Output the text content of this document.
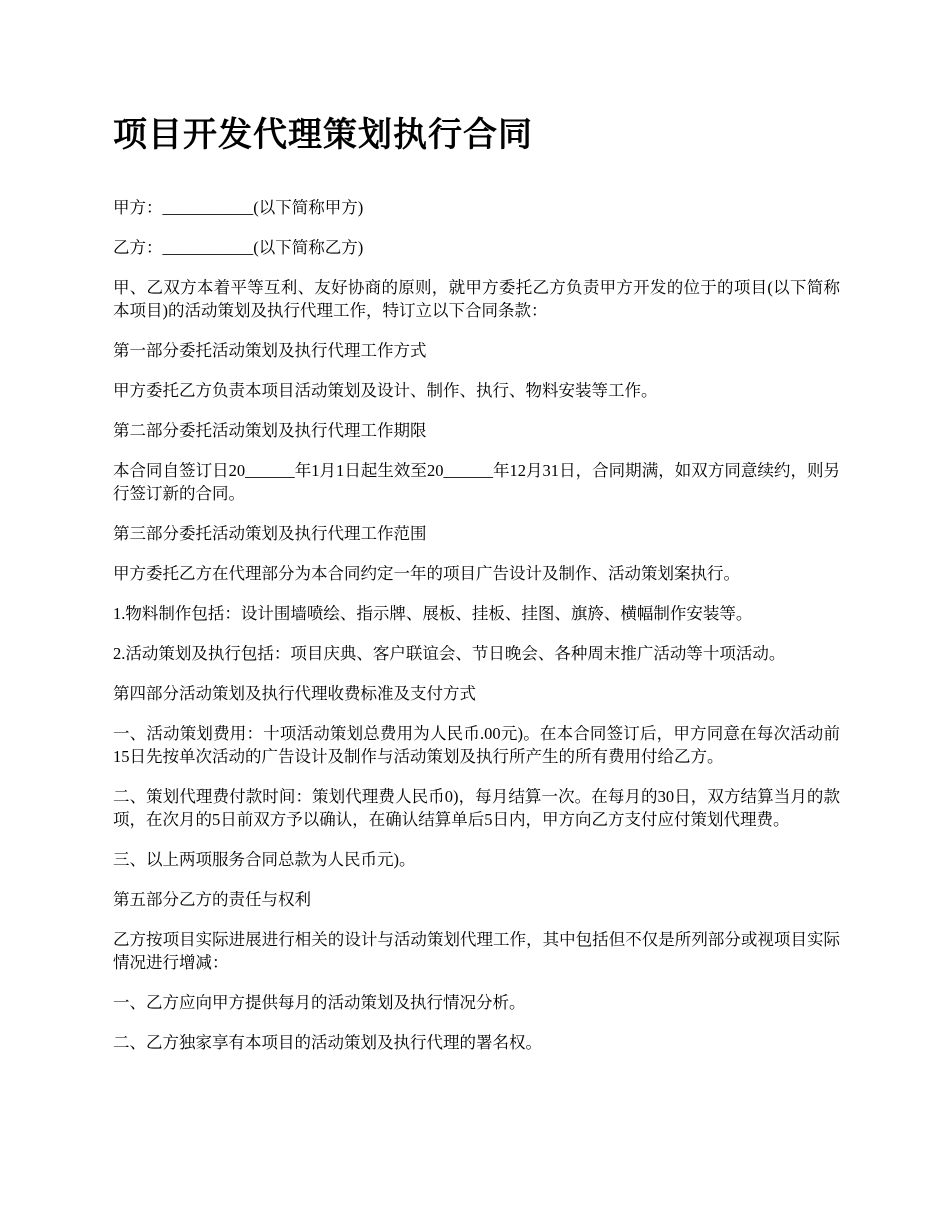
项目开发代理策划执行合同

甲方：___________(以下简称甲方)

乙方：___________(以下简称乙方)

甲、乙双方本着平等互利、友好协商的原则，就甲方委托乙方负责甲方开发的位于的项目(以下简称本项目)的活动策划及执行代理工作，特订立以下合同条款：

第一部分委托活动策划及执行代理工作方式

甲方委托乙方负责本项目活动策划及设计、制作、执行、物料安装等工作。

第二部分委托活动策划及执行代理工作期限

本合同自签订日20______年1月1日起生效至20______年12月31日，合同期满，如双方同意续约，则另行签订新的合同。

第三部分委托活动策划及执行代理工作范围

甲方委托乙方在代理部分为本合同约定一年的项目广告设计及制作、活动策划案执行。

1.物料制作包括：设计围墙喷绘、指示牌、展板、挂板、挂图、旗旍、横幅制作安装等。

2.活动策划及执行包括：项目庆典、客户联谊会、节日晚会、各种周末推广活动等十项活动。

第四部分活动策划及执行代理收费标准及支付方式

一、活动策划费用：十项活动策划总费用为人民币.00元)。在本合同签订后，甲方同意在每次活动前15日先按单次活动的广告设计及制作与活动策划及执行所产生的所有费用付给乙方。

二、策划代理费付款时间：策划代理费人民币0)，每月结算一次。在每月的30日，双方结算当月的款项，在次月的5日前双方予以确认，在确认结算单后5日内，甲方向乙方支付应付策划代理费。

三、以上两项服务合同总款为人民币元)。

第五部分乙方的责任与权利

乙方按项目实际进展进行相关的设计与活动策划代理工作，其中包括但不仅是所列部分或视项目实际情况进行增减：

一、乙方应向甲方提供每月的活动策划及执行情况分析。

二、乙方独家享有本项目的活动策划及执行代理的署名权。
